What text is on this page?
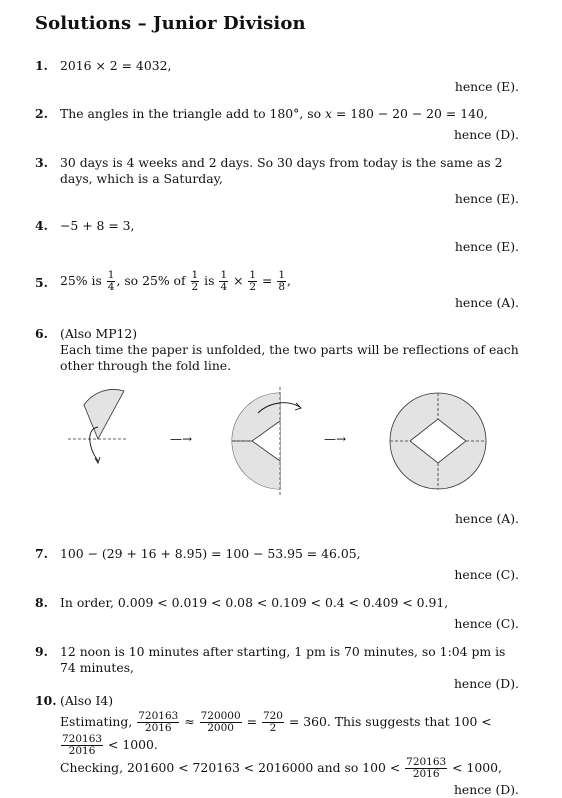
Solutions – Junior Division
1. 2016 × 2 = 4032,
hence (E).
2. The angles in the triangle add to 180°, so x = 180 − 20 − 20 = 140,
hence (D).
3. 30 days is 4 weeks and 2 days. So 30 days from today is the same as 2 days, which is a Saturday,
hence (E).
4. −5 + 8 = 3,
hence (E).
5. 25% is $\frac{1}{4}$ , so 25% of $\frac{1}{2}$ is $\frac{1}{4} \times \frac{1}{2} = \frac{1}{8}$ ,
hence (A).
6. (Also MP12)
Each time the paper is unfolded, the two parts will be reflections of each other through the fold line.
—→	—→
hence (A).
7. 100 − (29 + 16 + 8.95) = 100 − 53.95 = 46.05,
hence (C).
8. In order, 0.009 < 0.019 < 0.08 < 0.109 < 0.4 < 0.409 < 0.91,
hence (C).
9. 12 noon is 10 minutes after starting, 1 pm is 70 minutes, so 1:04 pm is 74 minutes,
hence (D).
10. (Also I4)
Estimating, $\frac{720163}{2016} \approx \frac{720000}{2000} = \frac{720}{2} = 360$. This suggests that 100 <
$\frac{720163}{2016} < 1000$.
Checking, 201600 < 720163 < 2016000 and so $100 < \frac{720163}{2016} < 1000$,
hence (D).
